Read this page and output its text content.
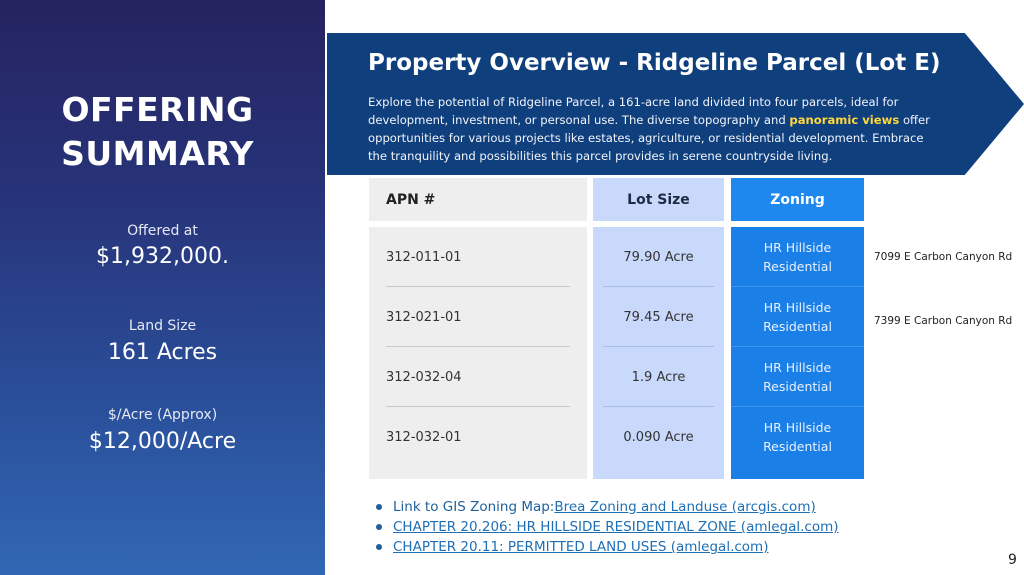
OFFERING
SUMMARY
Offered at
$1,932,000.
Land Size
161 Acres
$/Acre (Approx)
$12,000/Acre
Property Overview - Ridgeline Parcel (Lot E)
Explore the potential of Ridgeline Parcel, a 161-acre land divided into four parcels, ideal for development, investment, or personal use. The diverse topography and panoramic views offer opportunities for various projects like estates, agriculture, or residential development. Embrace the tranquility and possibilities this parcel provides in serene countryside living.
APN #
312-011-01
312-021-01
312-032-04
312-032-01
Lot Size
79.90 Acre
79.45 Acre
1.9 Acre
0.090 Acre
Zoning
HR Hillside
Residential
HR Hillside
Residential
HR Hillside
Residential
HR Hillside
Residential
7099 E Carbon Canyon Rd
7399 E Carbon Canyon Rd
Link to GIS Zoning Map: Brea Zoning and Landuse (arcgis.com)
CHAPTER 20.206: HR HILLSIDE RESIDENTIAL ZONE (amlegal.com)
CHAPTER 20.11: PERMITTED LAND USES (amlegal.com)
9
